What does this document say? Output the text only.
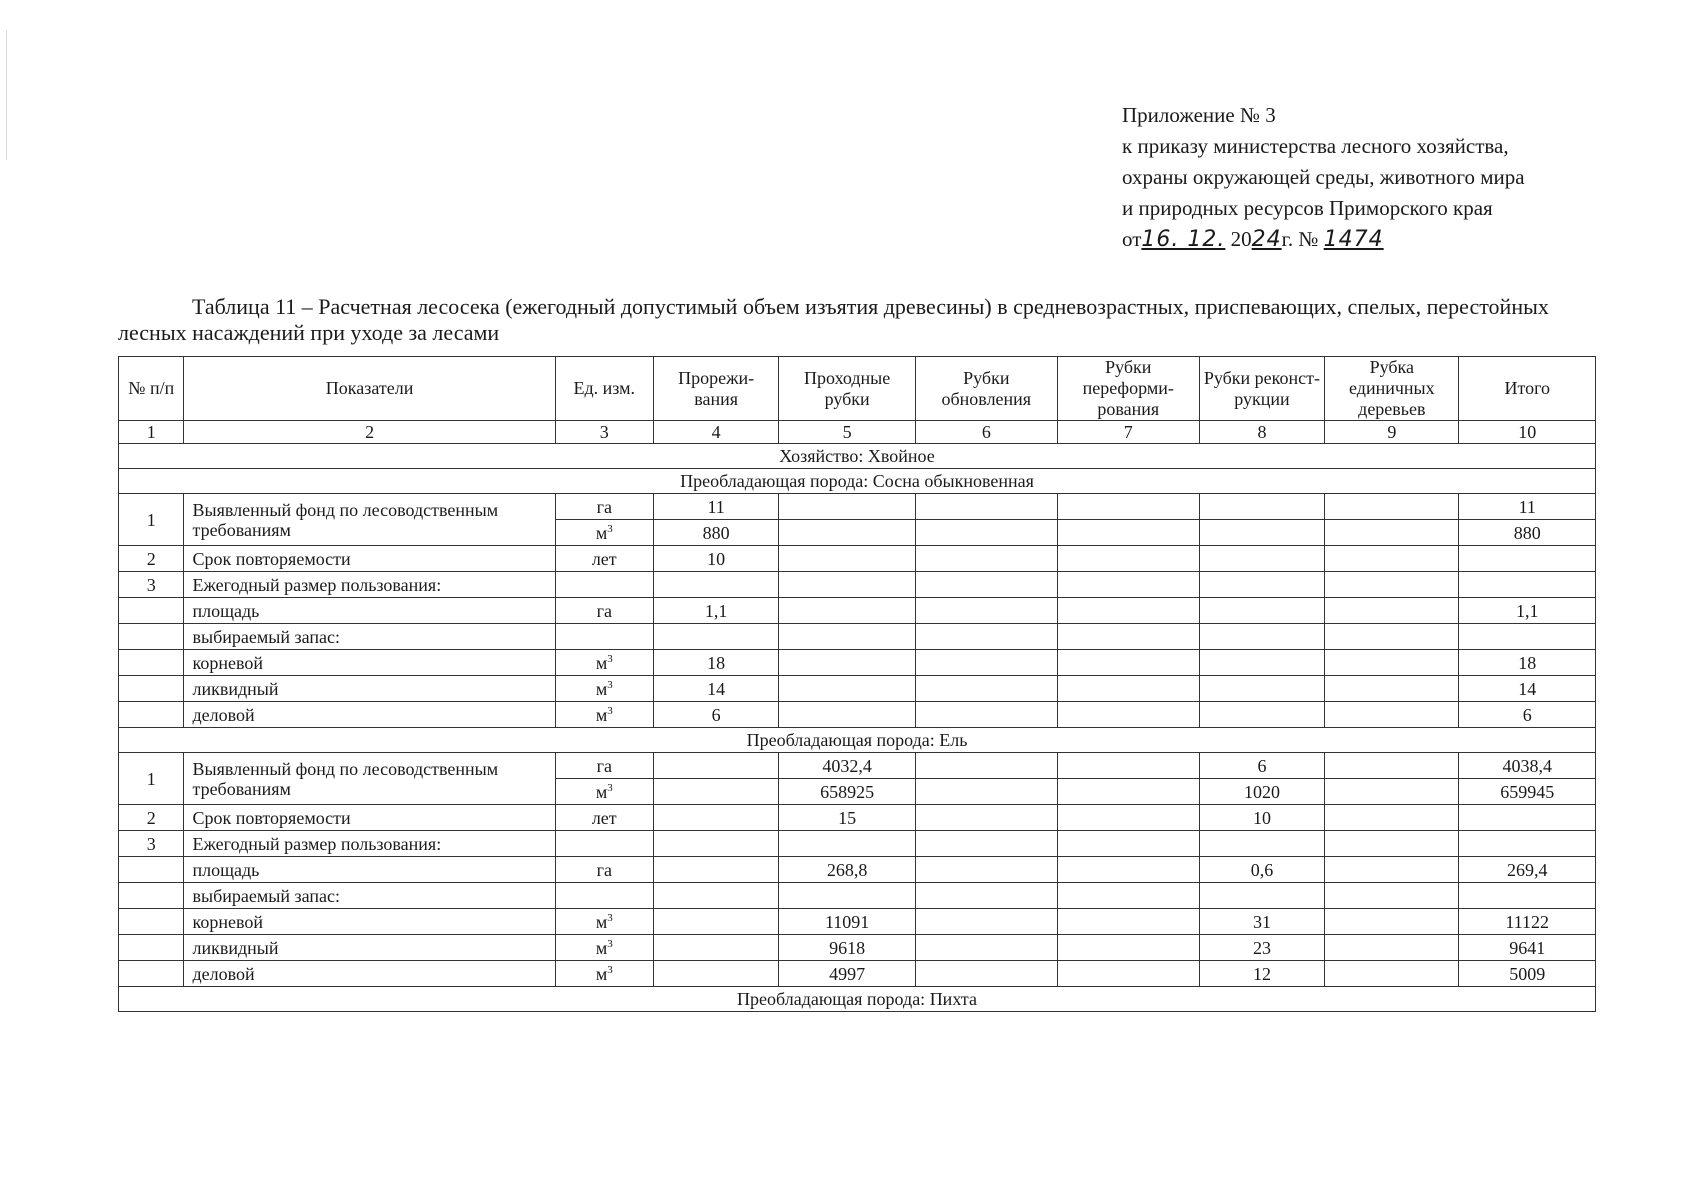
Приложение № 3
к приказу министерства лесного хозяйства,
охраны окружающей среды, животного мира
и природных ресурсов Приморского края
от16. 12. 2024г. № 1474
Таблица 11 – Расчетная лесосека (ежегодный допустимый объем изъятия древесины) в средневозрастных, приспевающих, спелых, перестойных лесных насаждений при уходе за лесами
№ п/п	Показатели	Ед. изм.	Прорежи-вания	Проходные рубки	Рубки обновления	Рубки переформи-рования	Рубки реконст-рукции	Рубка единичных деревьев	Итого
1	2	3	4	5	6	7	8	9	10
Хозяйство: Хвойное									
Преобладающая порода: Сосна обыкновенная									
1	Выявленный фонд по лесоводственным требованиям	га	11						11
		$м^3$	880						880
2	Срок повторяемости	лет	10						
3	Ежегодный размер пользования:								
	площадь	га	1,1						1,1
	выбираемый запас:								
	корневой	$м^3$	18						18
	ликвидный	$м^3$	14						14
	деловой	$м^3$	6						6
Преобладающая порода: Ель									
1	Выявленный фонд по лесоводственным требованиям	га		4032,4			6		4038,4
		$м^3$		658925			1020		659945
2	Срок повторяемости	лет		15			10		
3	Ежегодный размер пользования:								
	площадь	га		268,8			0,6		269,4
	выбираемый запас:								
	корневой	$м^3$		11091			31		11122
	ликвидный	$м^3$		9618			23		9641
	деловой	$м^3$		4997			12		5009
Преобладающая порода: Пихта									
